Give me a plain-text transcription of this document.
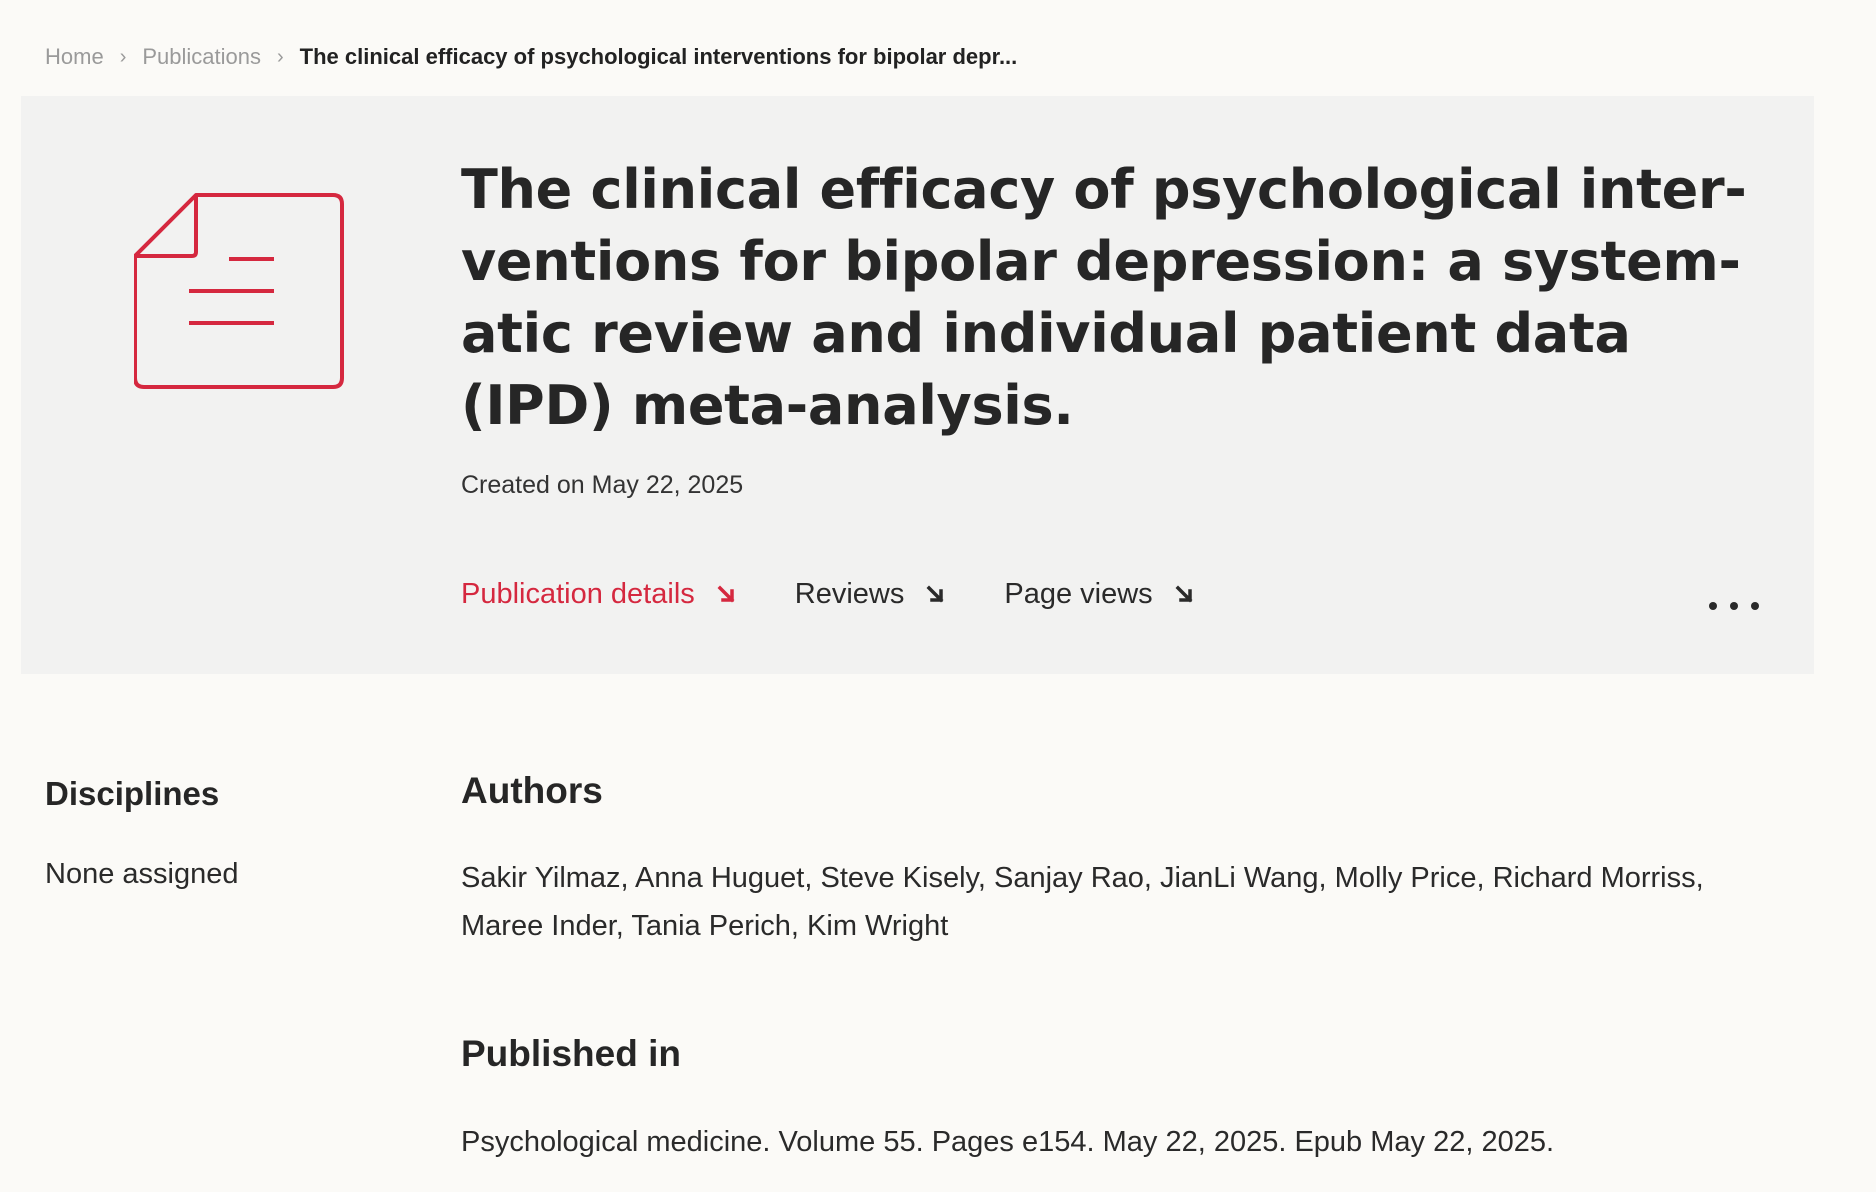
Home › Publications › The clinical efficacy of psychological interventions for bipolar depr...
The clinical efficacy of psychological inter-ventions for bipolar depression: a system-atic review and individual patient data (IPD) meta-analysis.
Created on May 22, 2025
Publication details	Reviews	Page views
Disciplines
None assigned
Authors

Sakir Yilmaz, Anna Huguet, Steve Kisely, Sanjay Rao, JianLi Wang, Molly Price, Richard Morriss, Maree Inder, Tania Perich, Kim Wright

Published in

Psychological medicine. Volume 55. Pages e154. May 22, 2025. Epub May 22, 2025.
